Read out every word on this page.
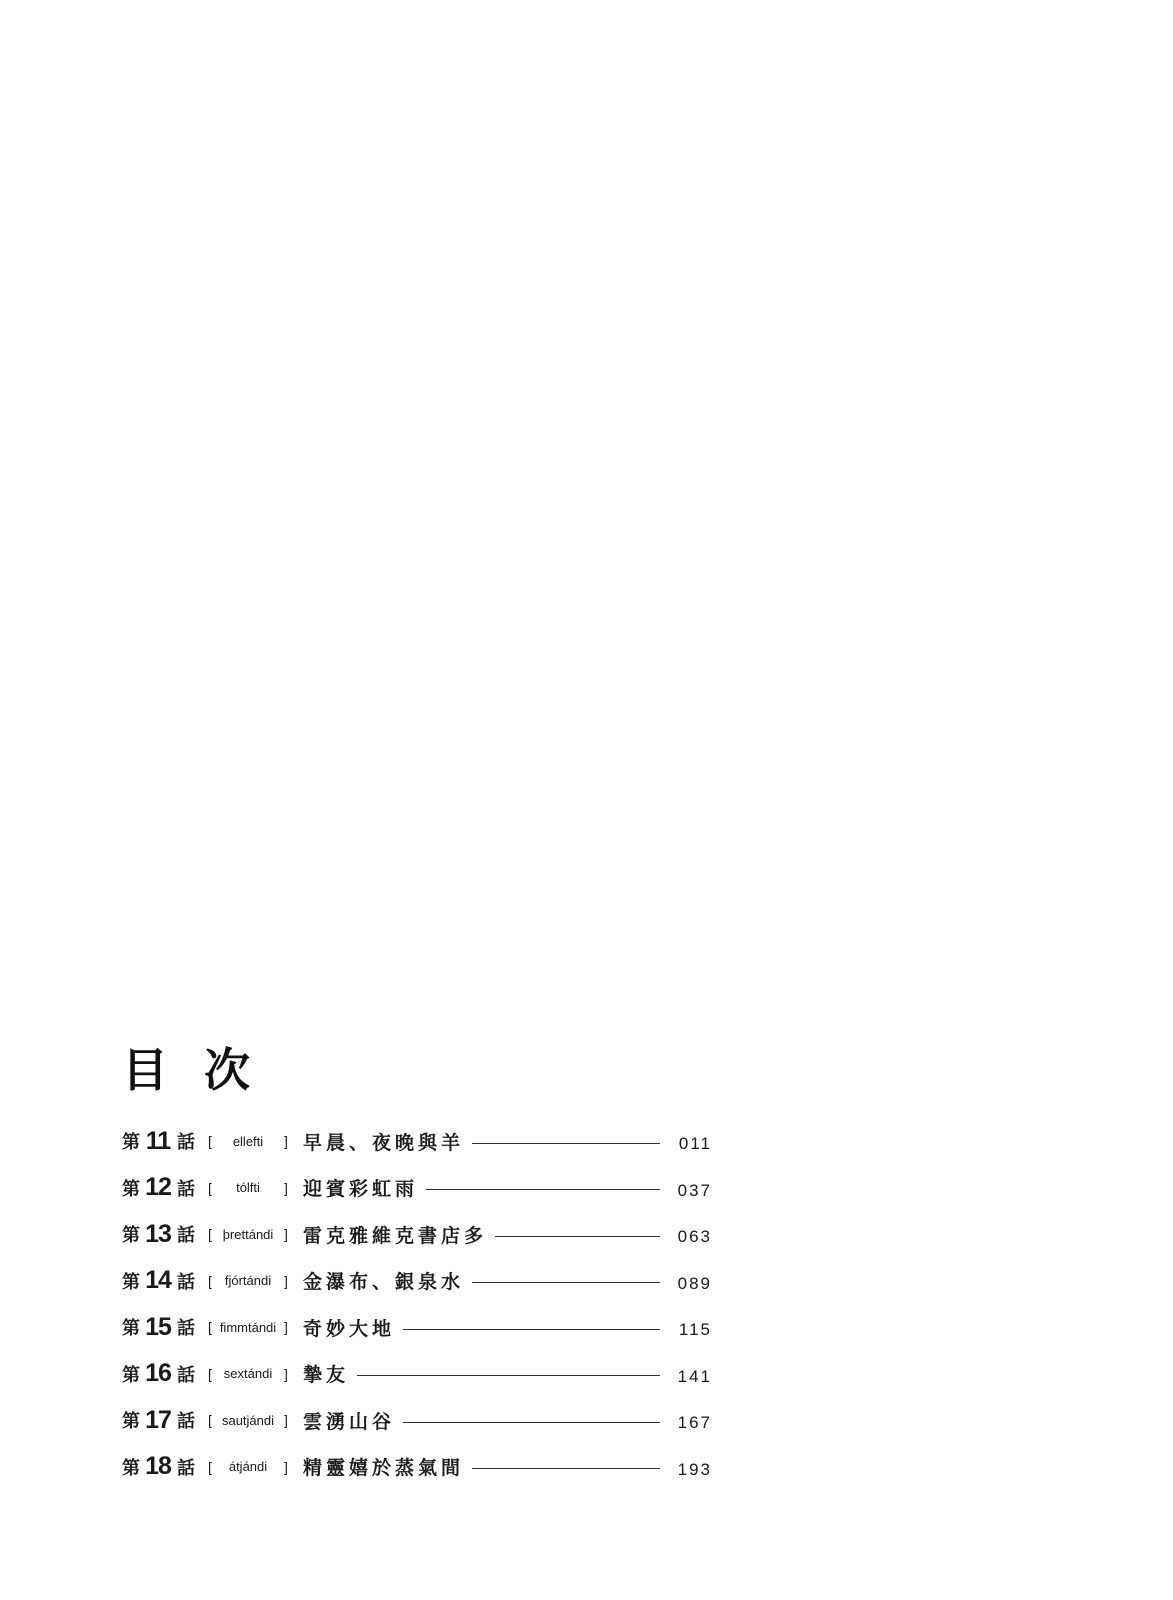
目 次
第 11 話 [	ellefti	] 早晨、夜晚與羊	011
第 12 話 [	tólfti	] 迎賓彩虹雨	037
第 13 話 [ þrettándi ] 雷克雅維克書店多	063
第 14 話 [ fjórtándi ] 金瀑布、銀泉水	089
第 15 話 [ fimmtándi ] 奇妙大地	115
第 16 話 [ sextándi ] 摯友	141
第 17 話 [ sautjándi ] 雲湧山谷	167
第 18 話 [	átjándi	] 精靈嬉於蒸氣間	193
